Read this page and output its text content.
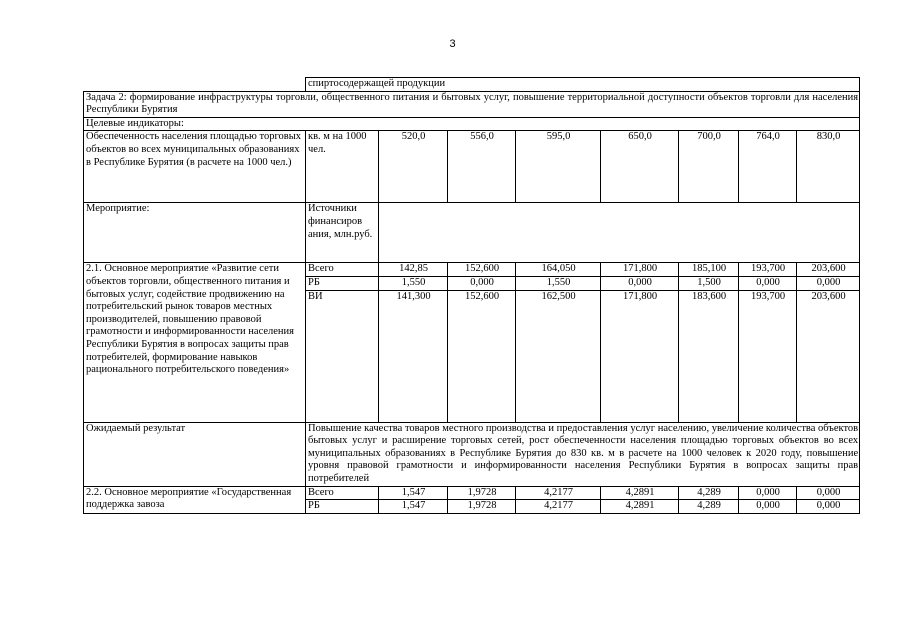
3
	спиртосодержащей продукции							
Задача 2: формирование инфраструктуры торговли, общественного питания и бытовых услуг, повышение территориальной доступности объектов торговли для населения Республики Бурятия								
Целевые индикаторы:								
Обеспеченность населения площадью торговых объектов во всех муниципальных образованиях в Республике Бурятия (в расчете на 1000 чел.)	кв. м на 1000 чел.	520,0	556,0	595,0	650,0	700,0	764,0	830,0
Мероприятие:	Источники финансиров ания, млн.руб.							
2.1. Основное мероприятие «Развитие сети объектов торговли, общественного питания и бытовых услуг, содействие продвижению на потребительский рынок товаров местных производителей, повышению правовой грамотности и информированности населения Республики Бурятия в вопросах защиты прав потребителей, формирование навыков рационального потребительского поведения»	Всего	142,85	152,600	164,050	171,800	185,100	193,700	203,600
	РБ	1,550	0,000	1,550	0,000	1,500	0,000	0,000
	ВИ	141,300	152,600	162,500	171,800	183,600	193,700	203,600
Ожидаемый результат	Повышение качества товаров местного производства и предоставления услуг населению, увеличение количества объектов бытовых услуг и расширение торговых сетей, рост обеспеченности населения площадью торговых объектов во всех муниципальных образованиях в Республике Бурятия до 830 кв. м в расчете на 1000 человек к 2020 году, повышение уровня правовой грамотности и информированности населения Республики Бурятия в вопросах защиты прав потребителей							
2.2. Основное мероприятие «Государственная поддержка завоза	Всего	1,547	1,9728	4,2177	4,2891	4,289	0,000	0,000
	РБ	1,547	1,9728	4,2177	4,2891	4,289	0,000	0,000
